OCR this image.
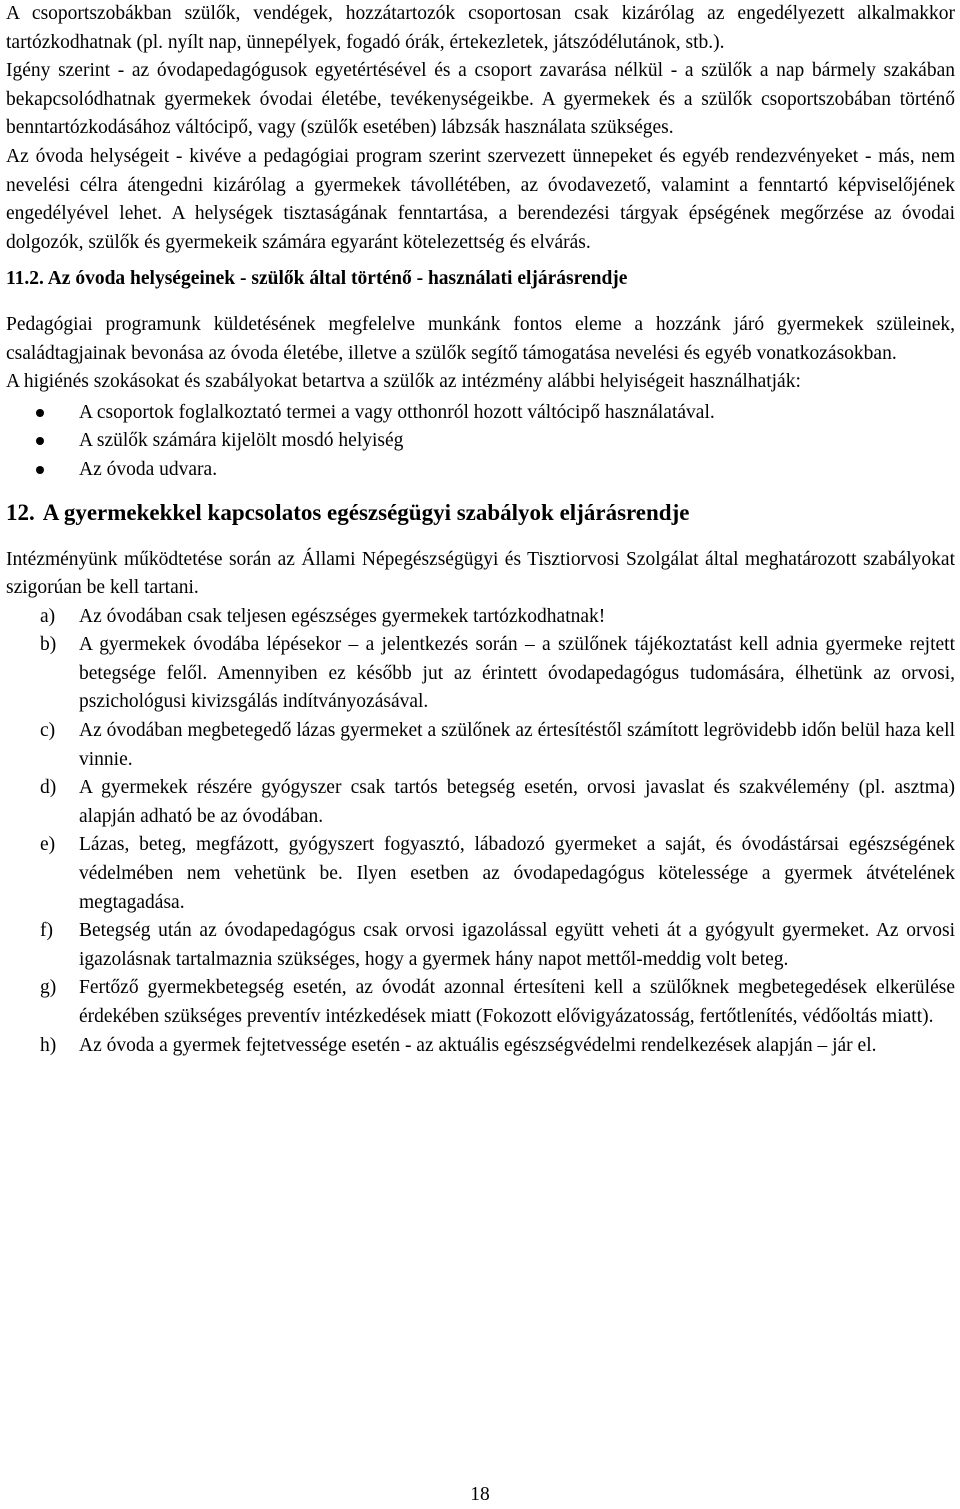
A csoportszobákban szülők, vendégek, hozzátartozók csoportosan csak kizárólag az engedélyezett alkalmakkor tartózkodhatnak (pl. nyílt nap, ünnepélyek, fogadó órák, értekezletek, játszódélutánok, stb.).

Igény szerint - az óvodapedagógusok egyetértésével és a csoport zavarása nélkül - a szülők a nap bármely szakában bekapcsolódhatnak gyermekek óvodai életébe, tevékenységeikbe. A gyermekek és a szülők csoportszobában történő benntartózkodásához váltócipő, vagy (szülők esetében) lábzsák használata szükséges.

Az óvoda helységeit - kivéve a pedagógiai program szerint szervezett ünnepeket és egyéb rendezvényeket - más, nem nevelési célra átengedni kizárólag a gyermekek távollétében, az óvodavezető, valamint a fenntartó képviselőjének engedélyével lehet. A helységek tisztaságának fenntartása, a berendezési tárgyak épségének megőrzése az óvodai dolgozók, szülők és gyermekeik számára egyaránt kötelezettség és elvárás.

11.2. Az óvoda helységeinek - szülők által történő - használati eljárásrendje

Pedagógiai programunk küldetésének megfelelve munkánk fontos eleme a hozzánk járó gyermekek szüleinek, családtagjainak bevonása az óvoda életébe, illetve a szülők segítő támogatása nevelési és egyéb vonatkozásokban.

A higiénés szokásokat és szabályokat betartva a szülők az intézmény alábbi helyiségeit használhatják:

A csoportok foglalkoztató termei a vagy otthonról hozott váltócipő használatával.
A szülők számára kijelölt mosdó helyiség
Az óvoda udvara.
12. A gyermekekkel kapcsolatos egészségügyi szabályok eljárásrendje

Intézményünk működtetése során az Állami Népegészségügyi és Tisztiorvosi Szolgálat által meghatározott szabályokat szigorúan be kell tartani.

a) Az óvodában csak teljesen egészséges gyermekek tartózkodhatnak!
b) A gyermekek óvodába lépésekor – a jelentkezés során – a szülőnek tájékoztatást kell adnia gyermeke rejtett betegsége felől. Amennyiben ez később jut az érintett óvodapedagógus tudomására, élhetünk az orvosi, pszichológusi kivizsgálás indítványozásával.
c) Az óvodában megbetegedő lázas gyermeket a szülőnek az értesítéstől számított legrövidebb időn belül haza kell vinnie.
d) A gyermekek részére gyógyszer csak tartós betegség esetén, orvosi javaslat és szakvélemény (pl. asztma) alapján adható be az óvodában.
e) Lázas, beteg, megfázott, gyógyszert fogyasztó, lábadozó gyermeket a saját, és óvodástársai egészségének védelmében nem vehetünk be. Ilyen esetben az óvodapedagógus kötelessége a gyermek átvételének megtagadása.
f) Betegség után az óvodapedagógus csak orvosi igazolással együtt veheti át a gyógyult gyermeket. Az orvosi igazolásnak tartalmaznia szükséges, hogy a gyermek hány napot mettől-meddig volt beteg.
g) Fertőző gyermekbetegség esetén, az óvodát azonnal értesíteni kell a szülőknek megbetegedések elkerülése érdekében szükséges preventív intézkedések miatt (Fokozott elővigyázatosság, fertőtlenítés, védőoltás miatt).
h) Az óvoda a gyermek fejtetvessége esetén - az aktuális egészségvédelmi rendelkezések alapján – jár el.
18
